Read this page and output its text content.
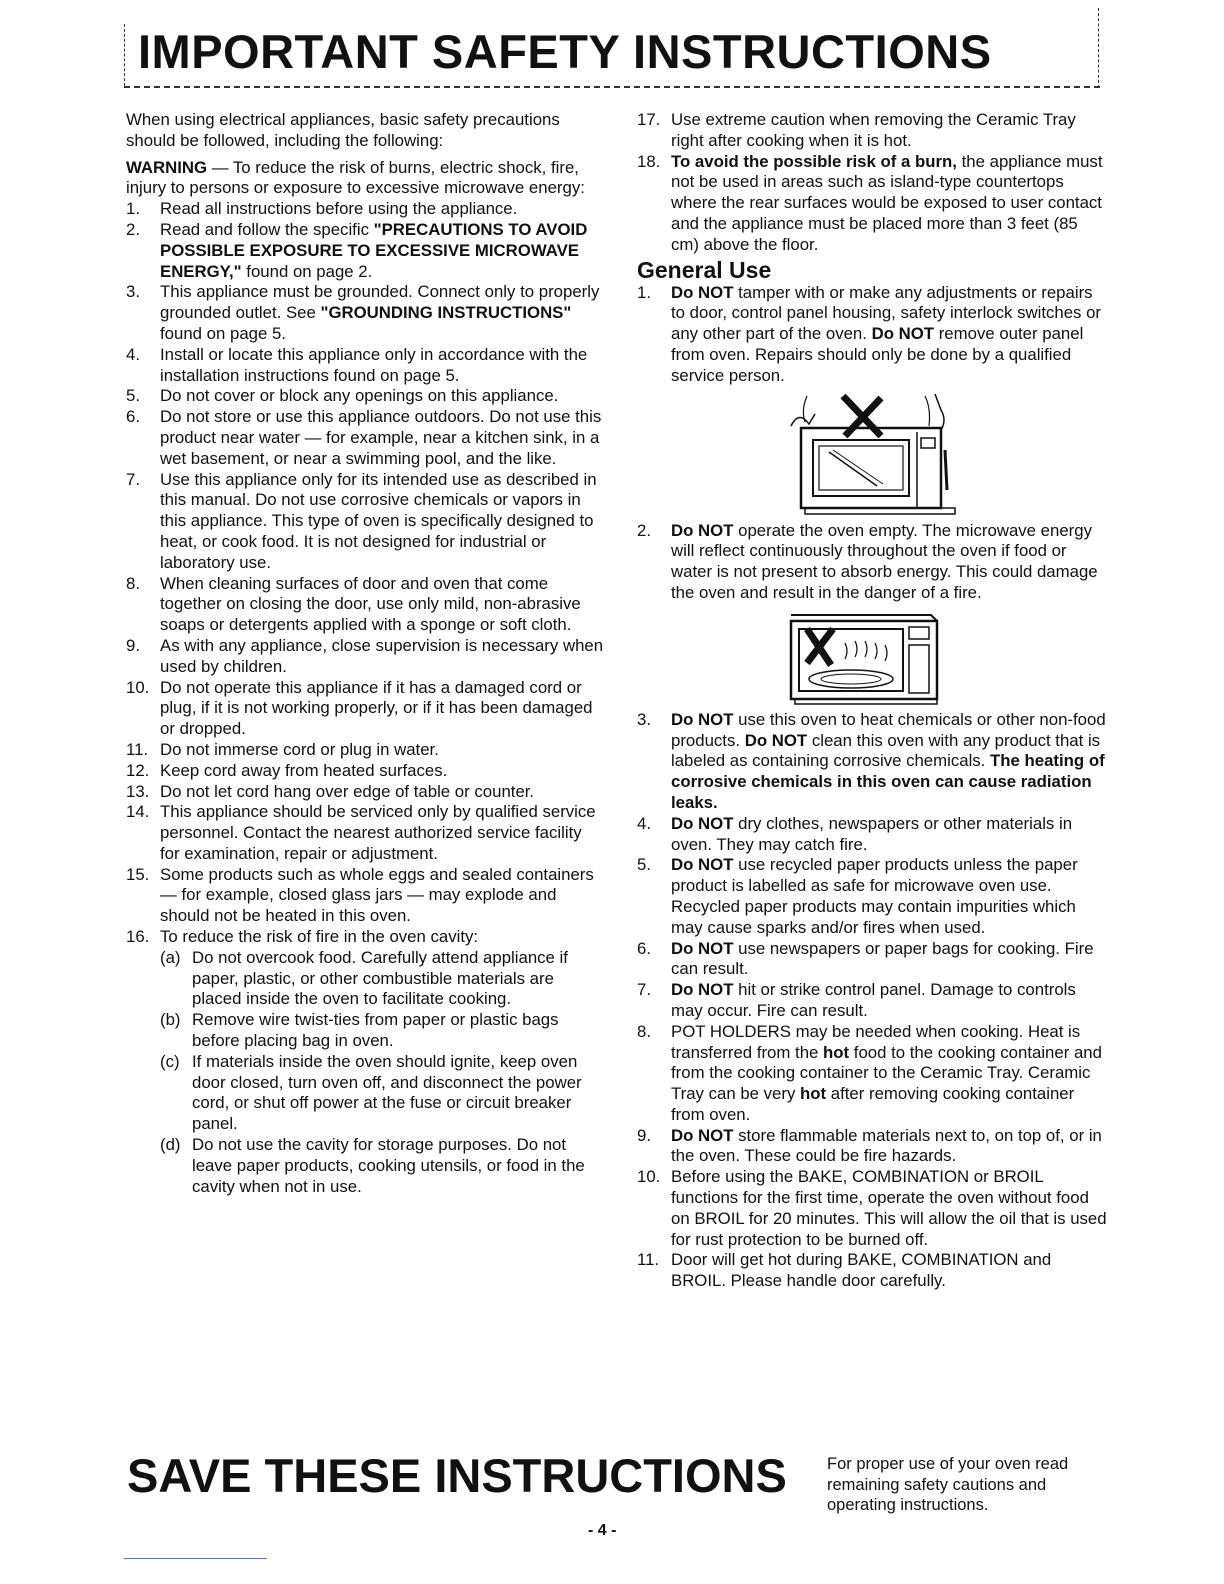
IMPORTANT SAFETY INSTRUCTIONS

When using electrical appliances, basic safety precautions should be followed, including the following:

WARNING — To reduce the risk of burns, electric shock, fire, injury to persons or exposure to excessive microwave energy:

1.	Read all instructions before using the appliance.
2.	Read and follow the specific "PRECAUTIONS TO AVOID POSSIBLE EXPOSURE TO EXCESSIVE MICROWAVE ENERGY," found on page 2.
3.	This appliance must be grounded. Connect only to properly grounded outlet. See "GROUNDING INSTRUCTIONS" found on page 5.
4.	Install or locate this appliance only in accordance with the installation instructions found on page 5.
5.	Do not cover or block any openings on this appliance.
6.	Do not store or use this appliance outdoors. Do not use this product near water — for example, near a kitchen sink, in a wet basement, or near a swimming pool, and the like.
7.	Use this appliance only for its intended use as described in this manual. Do not use corrosive chemicals or vapors in this appliance. This type of oven is specifically designed to heat, or cook food. It is not designed for industrial or laboratory use.
8.	When cleaning surfaces of door and oven that come together on closing the door, use only mild, non-abrasive soaps or detergents applied with a sponge or soft cloth.
9.	As with any appliance, close supervision is necessary when used by children.
10. Do not operate this appliance if it has a damaged cord or plug, if it is not working properly, or if it has been damaged or dropped.
11. Do not immerse cord or plug in water.
12. Keep cord away from heated surfaces.
13. Do not let cord hang over edge of table or counter.
14. This appliance should be serviced only by qualified service personnel. Contact the nearest authorized service facility for examination, repair or adjustment.
15. Some products such as whole eggs and sealed containers — for example, closed glass jars — may explode and should not be heated in this oven.
16. To reduce the risk of fire in the oven cavity:
(a) Do not overcook food. Carefully attend appliance if paper, plastic, or other combustible materials are placed inside the oven to facilitate cooking.
(b) Remove wire twist-ties from paper or plastic bags before placing bag in oven.
(c) If materials inside the oven should ignite, keep oven door closed, turn oven off, and disconnect the power cord, or shut off power at the fuse or circuit breaker panel.
(d) Do not use the cavity for storage purposes. Do not leave paper products, cooking utensils, or food in the cavity when not in use.
17. Use extreme caution when removing the Ceramic Tray right after cooking when it is hot.
18. To avoid the possible risk of a burn, the appliance must not be used in areas such as island-type countertops where the rear surfaces would be exposed to user contact and the appliance must be placed more than 3 feet (85 cm) above the floor.
General Use
1.	Do NOT tamper with or make any adjustments or repairs to door, control panel housing, safety interlock switches or any other part of the oven. Do NOT remove outer panel from oven. Repairs should only be done by a qualified service person.
2.	Do NOT operate the oven empty. The microwave energy will reflect continuously throughout the oven if food or water is not present to absorb energy. This could damage the oven and result in the danger of a fire.
3.	Do NOT use this oven to heat chemicals or other non-food products. Do NOT clean this oven with any product that is labeled as containing corrosive chemicals. The heating of corrosive chemicals in this oven can cause radiation leaks.
4.	Do NOT dry clothes, newspapers or other materials in oven. They may catch fire.
5.	Do NOT use recycled paper products unless the paper product is labelled as safe for microwave oven use. Recycled paper products may contain impurities which may cause sparks and/or fires when used.
6.	Do NOT use newspapers or paper bags for cooking. Fire can result.
7.	Do NOT hit or strike control panel. Damage to controls may occur. Fire can result.
8.	POT HOLDERS may be needed when cooking. Heat is transferred from the hot food to the cooking container and from the cooking container to the Ceramic Tray. Ceramic Tray can be very hot after removing cooking container from oven.
9.	Do NOT store flammable materials next to, on top of, or in the oven. These could be fire hazards.
10. Before using the BAKE, COMBINATION or BROIL functions for the first time, operate the oven without food on BROIL for 20 minutes. This will allow the oil that is used for rust protection to be burned off.
11. Door will get hot during BAKE, COMBINATION and BROIL. Please handle door carefully.
SAVE THESE INSTRUCTIONS For proper use of your oven read remaining safety cautions and operating instructions.
- 4 -
